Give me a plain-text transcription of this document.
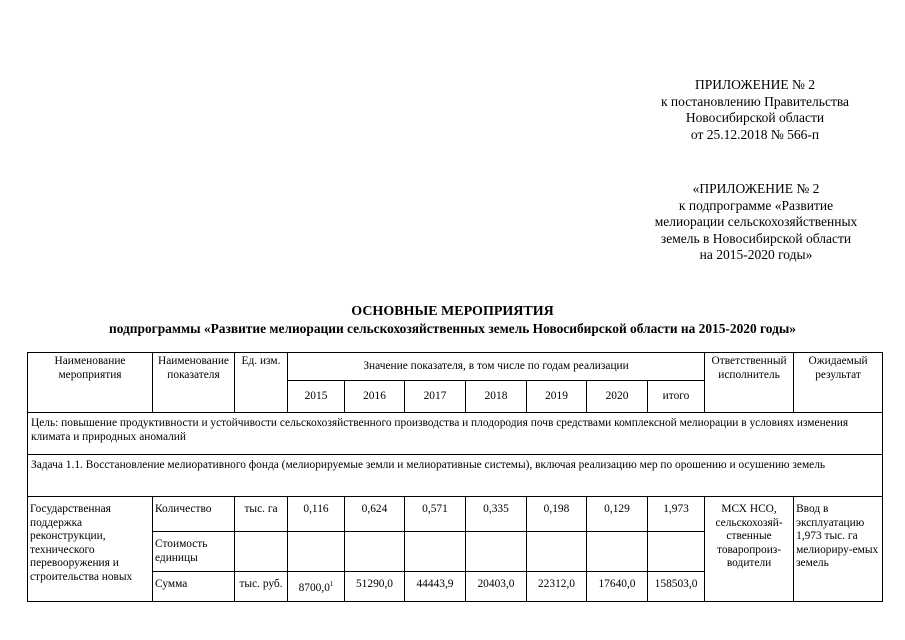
ПРИЛОЖЕНИЕ № 2
к постановлению Правительства
Новосибирской области
от 25.12.2018 № 566-п
«ПРИЛОЖЕНИЕ № 2
к подпрограмме «Развитие
мелиорации сельскохозяйственных
земель в Новосибирской области
на 2015-2020 годы»
ОСНОВНЫЕ МЕРОПРИЯТИЯ
подпрограммы «Развитие мелиорации сельскохозяйственных земель Новосибирской области на 2015-2020 годы»
Наименование мероприятия	Наименование показателя	Ед. изм.	Значение показателя, в том числе по годам реализации							Ответственный исполнитель	Ожидаемый результат
			2015	2016	2017	2018	2019	2020	итого		
Цель: повышение продуктивности и устойчивости сельскохозяйственного производства и плодородия почв средствами комплексной мелиорации в условиях изменения климата и природных аномалий											
Задача 1.1. Восстановление мелиоративного фонда (мелиорируемые земли и мелиоративные системы), включая реализацию мер по орошению и осушению земель											
Государственная поддержка реконструкции, технического перевооружения и строительства новых	Количество	тыс. га	0,116	0,624	0,571	0,335	0,198	0,129	1,973	МСХ НСО, сельскохозяй-ственные товаропроиз-водители	Ввод в эксплуатацию 1,973 тыс. га мелиориру-емых земель
	Стоимость единицы										
	Сумма	тыс. руб.	8700,0$^1$	51290,0	44443,9	20403,0	22312,0	17640,0	158503,0		
